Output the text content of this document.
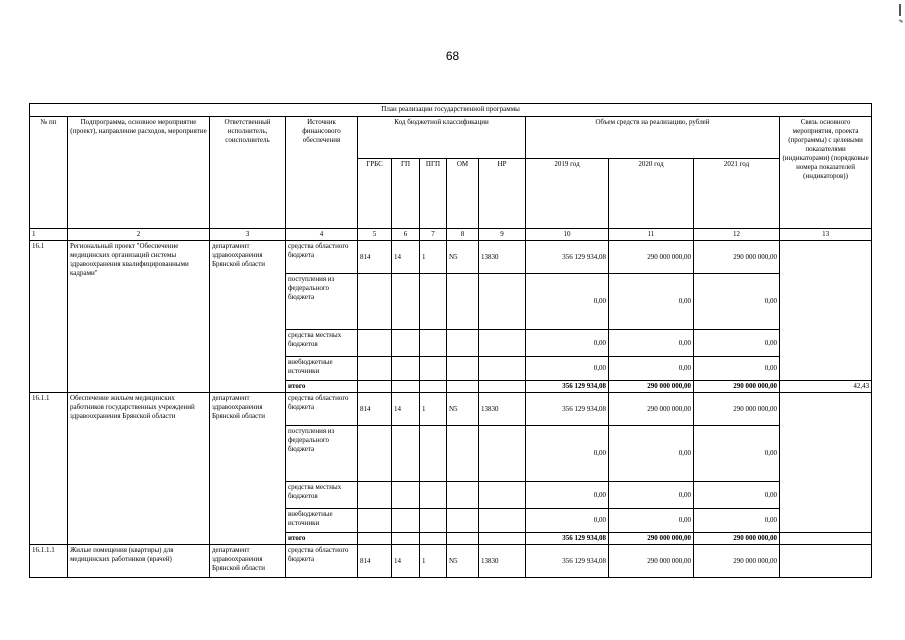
68
План реализации государственной программы												
№ пп	Подпрограмма, основное мероприятие (проект), направление расходов, мероприятие	Ответственный исполнитель, соисполнитель	Источник финансового обеспечения	Код бюджетной классификации					Объем средств на реализацию, рублей			Связь основного мероприятия, проекта (программы) с целевыми показателями (индикаторами) (порядковые номера показателей (индикаторов))
				ГРБС	ГП	ПГП	ОМ	НР	2019 год	2020 год	2021 год	
1	2	3	4	5	6	7	8	9	10	11	12	13
16.1	Региональный проект "Обеспечение медицинских организаций системы здравоохранения квалифицированными кадрами"	департамент здравоохранения Брянской области	средства областного бюджета	814	14	1	N5	13830	356 129 934,08	290 000 000,00	290 000 000,00	
			поступления из федерального бюджета						0,00	0,00	0,00	
			средства местных бюджетов						0,00	0,00	0,00	
			внебюджетные источники						0,00	0,00	0,00	
			итого						356 129 934,08	290 000 000,00	290 000 000,00	42,43
16.1.1	Обеспечение жильем медицинских работников государственных учреждений здравоохранения Брянской области	департамент здравоохранения Брянской области	средства областного бюджета	814	14	1	N5	13830	356 129 934,08	290 000 000,00	290 000 000,00	
			поступления из федерального бюджета						0,00	0,00	0,00	
			средства местных бюджетов						0,00	0,00	0,00	
			внебюджетные источники						0,00	0,00	0,00	
			итого						356 129 934,08	290 000 000,00	290 000 000,00	
16.1.1.1	Жилые помещения (квартиры) для медицинских работников (врачей)	департамент здравоохранения Брянской области	средства областного бюджета	814	14	1	N5	13830	356 129 934,08	290 000 000,00	290 000 000,00	
